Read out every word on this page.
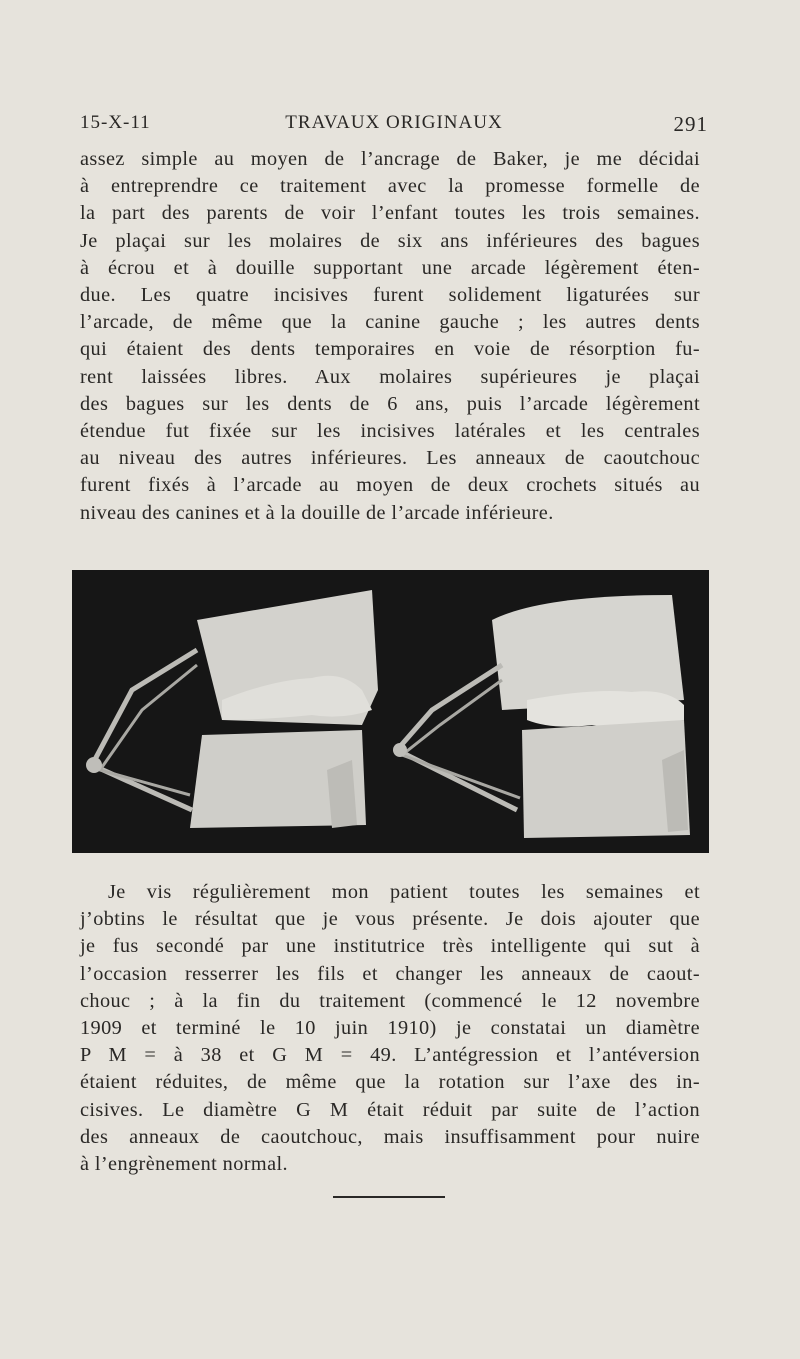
15-X-11	TRAVAUX ORIGINAUX	291
assez simple au moyen de l’ancrage de Baker, je me décidai
à entreprendre ce traitement avec la promesse formelle de
la part des parents de voir l’enfant toutes les trois semaines.
Je plaçai sur les molaires de six ans inférieures des bagues
à écrou et à douille supportant une arcade légèrement éten-
due. Les quatre incisives furent solidement ligaturées sur
l’arcade, de même que la canine gauche ; les autres dents
qui étaient des dents temporaires en voie de résorption fu-
rent laissées libres. Aux molaires supérieures je plaçai
des bagues sur les dents de 6 ans, puis l’arcade légèrement
étendue fut fixée sur les incisives latérales et les centrales
au niveau des autres inférieures. Les anneaux de caoutchouc
furent fixés à l’arcade au moyen de deux crochets situés au
niveau des canines et à la douille de l’arcade inférieure.
Je vis régulièrement mon patient toutes les semaines et
j’obtins le résultat que je vous présente. Je dois ajouter que
je fus secondé par une institutrice très intelligente qui sut à
l’occasion resserrer les fils et changer les anneaux de caout-
chouc ; à la fin du traitement (commencé le 12 novembre
1909 et terminé le 10 juin 1910) je constatai un diamètre
P M = à 38 et G M = 49. L’antégression et l’antéversion
étaient réduites, de même que la rotation sur l’axe des in-
cisives. Le diamètre G M était réduit par suite de l’action
des anneaux de caoutchouc, mais insuffisamment pour nuire
à l’engrènement normal.
